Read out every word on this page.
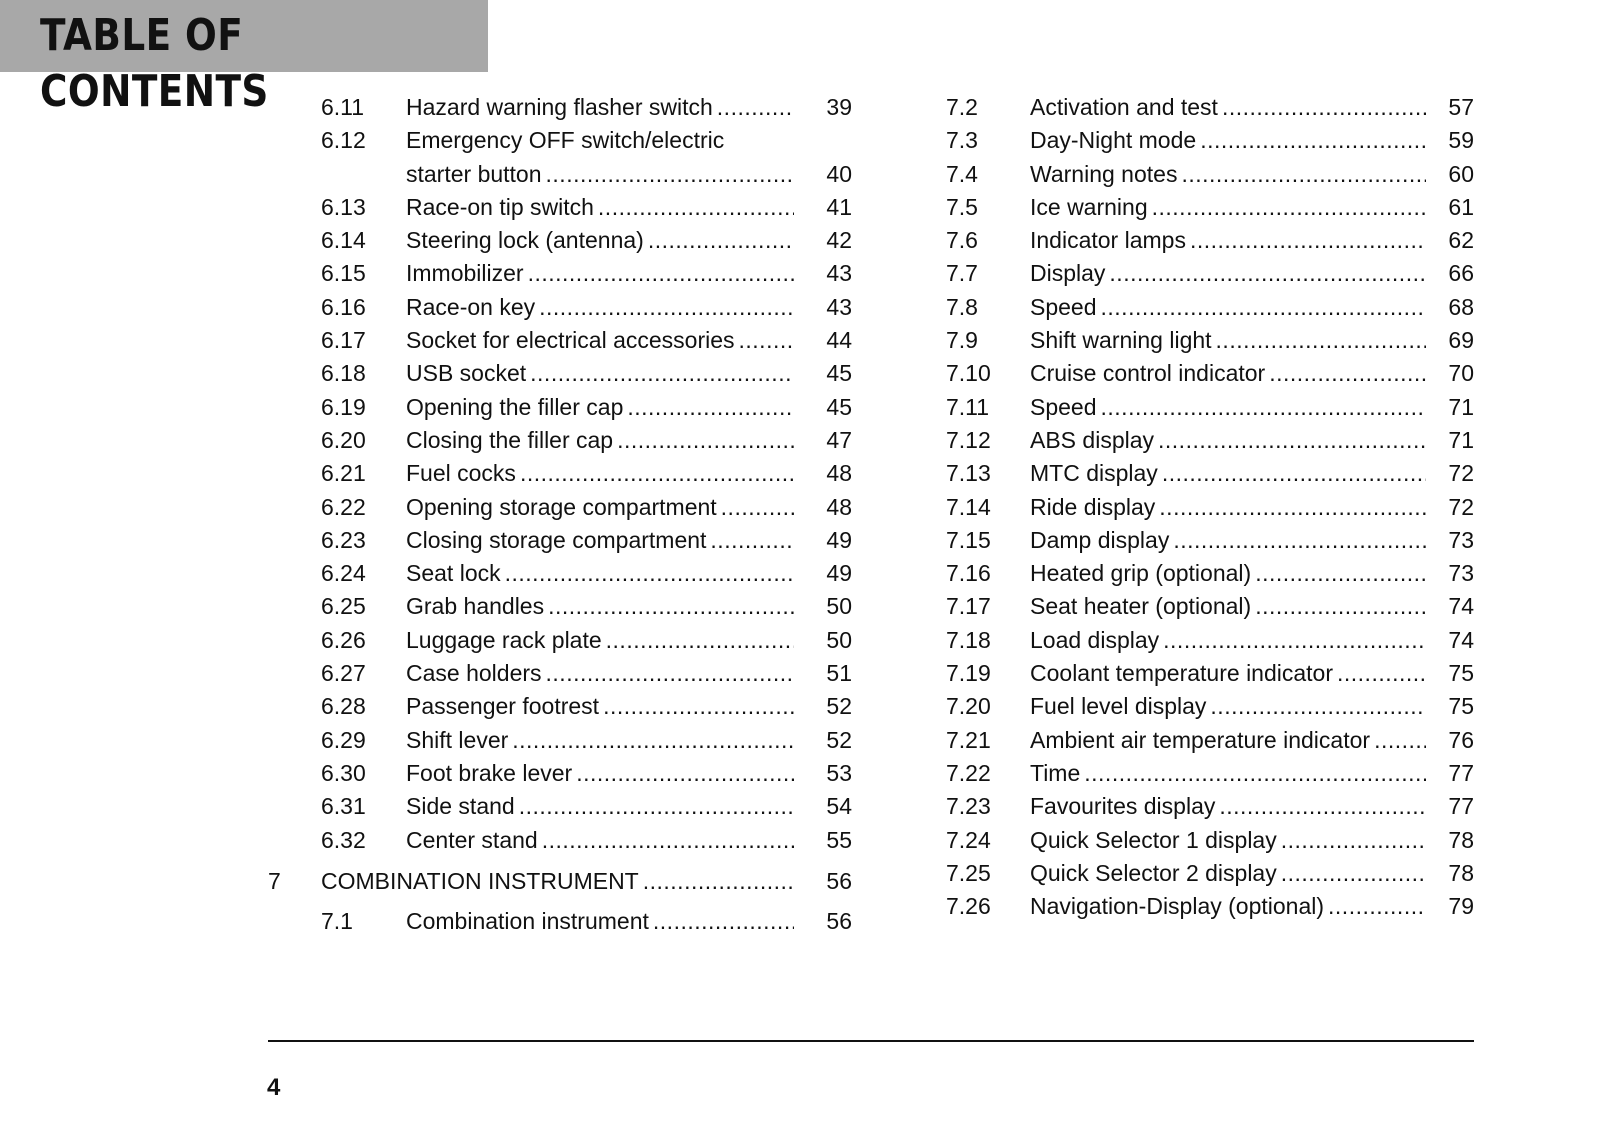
TABLE OF CONTENTS	6.11 Hazard warning flasher switch .....	39
6.12 Emergency OFF switch/electric
starter button .....	40
6.13 Race-on tip switch .....	41
6.14 Steering lock (antenna) .....	42
6.15 Immobilizer .....	43
6.16 Race-on key .....	43
6.17 Socket for electrical accessories .....	44
6.18 USB socket .....	45
6.19 Opening the filler cap .....	45
6.20 Closing the filler cap .....	47
6.21 Fuel cocks .....	48
6.22 Opening storage compartment .....	48
6.23 Closing storage compartment .....	49
6.24 Seat lock .....	49
6.25 Grab handles .....	50
6.26 Luggage rack plate .....	50
6.27 Case holders .....	51
6.28 Passenger footrest .....	52
6.29 Shift lever .....	52
6.30 Foot brake lever .....	53
6.31 Side stand .....	54
6.32 Center stand .....	55
7 COMBINATION INSTRUMENT .....	56
7.1 Combination instrument .....	56
7.2 Activation and test .....	57
7.3 Day-Night mode .....	59
7.4 Warning notes .....	60
7.5 Ice warning .....	61
7.6 Indicator lamps .....	62
7.7 Display .....	66
7.8 Speed .....	68
7.9 Shift warning light .....	69
7.10 Cruise control indicator .....	70
7.11 Speed .....	71
7.12 ABS display .....	71
7.13 MTC display .....	72
7.14 Ride display .....	72
7.15 Damp display .....	73
7.16 Heated grip (optional) .....	73
7.17 Seat heater (optional) .....	74
7.18 Load display .....	74
7.19 Coolant temperature indicator .....	75
7.20 Fuel level display .....	75
7.21 Ambient air temperature indicator .....	76
7.22 Time .....	77
7.23 Favourites display .....	77
7.24 Quick Selector 1 display .....	78
7.25 Quick Selector 2 display .....	78
7.26 Navigation-Display (optional) .....	79
4
